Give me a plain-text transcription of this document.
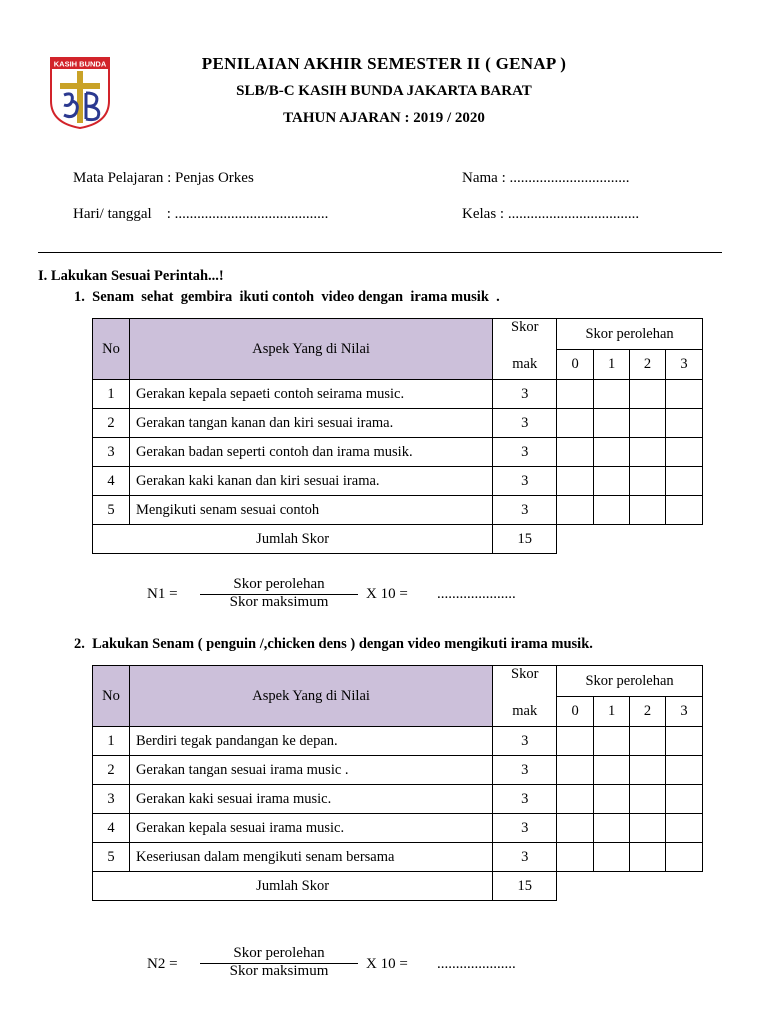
KASIH BUNDA	PENILAIAN AKHIR SEMESTER II ( GENAP )
SLB/B-C KASIH BUNDA JAKARTA BARAT
TAHUN AJARAN : 2019 / 2020
Mata Pelajaran : Penjas Orkes	Nama : ................................
Hari/ tanggal    : .........................................	Kelas : ...................................
I. Lakukan Sesuai Perintah...!
1.  Senam  sehat  gembira  ikuti contoh  video dengan  irama musik  .
No	Aspek Yang di Nilai	Skor	Skor perolehan			
		mak	0	1	2	3
1	Gerakan kepala sepaeti contoh seirama music.	3				
2	Gerakan tangan kanan dan kiri sesuai irama.	3				
3	Gerakan badan seperti contoh dan irama musik.	3				
4	Gerakan kaki kanan dan kiri sesuai irama.	3				
5	Mengikuti senam sesuai contoh	3				
Jumlah Skor		15				
N1 =
Skor perolehan
Skor maksimum	X 10 = .....................
2.  Lakukan Senam ( penguin /,chicken dens ) dengan video mengikuti irama musik.
No	Aspek Yang di Nilai	Skor	Skor perolehan			
		mak	0	1	2	3
1	Berdiri tegak pandangan ke depan.	3				
2	Gerakan tangan sesuai irama music .	3				
3	Gerakan kaki sesuai irama music.	3				
4	Gerakan kepala sesuai irama music.	3				
5	Keseriusan dalam mengikuti senam bersama	3				
Jumlah Skor		15				
N2 =
Skor perolehan
Skor maksimum	X 10 = .....................
